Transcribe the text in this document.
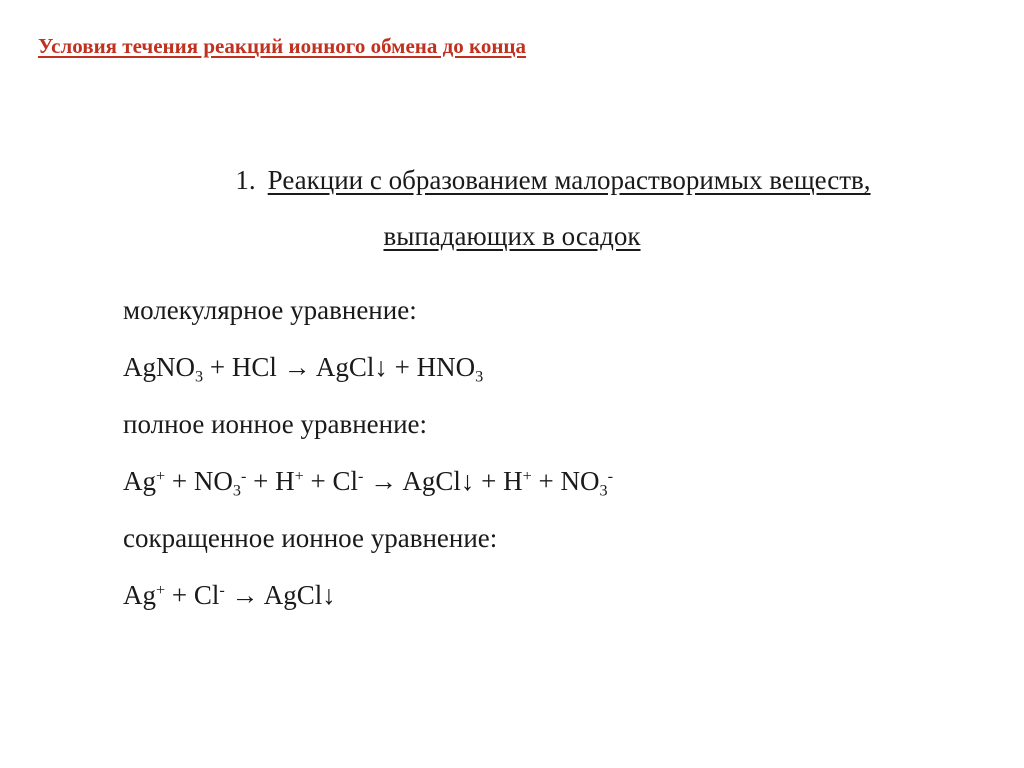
Условия течения реакций ионного обмена до конца
1. Реакции с образованием малорастворимых веществ,
выпадающих в осадок
молекулярное уравнение:
AgNO$_3$ + HCl → AgCl↓ + $HNO_3$
полное ионное уравнение:
$Ag^+ + NO_3^- + H^+ + Cl^-$ → AgCl↓ + $H^+ + NO_3^-$
сокращенное ионное уравнение:
Ag+ + Cl- → AgCl↓
